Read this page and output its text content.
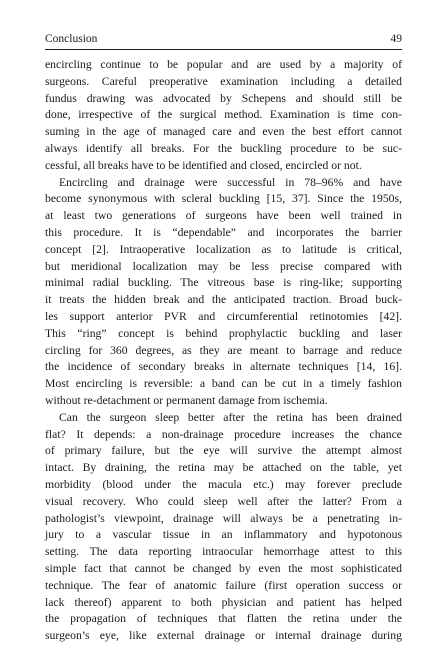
Conclusion	49
encircling continue to be popular and are used by a majority of
surgeons. Careful preoperative examination including a detailed
fundus drawing was advocated by Schepens and should still be
done, irrespective of the surgical method. Examination is time con-
suming in the age of managed care and even the best effort cannot
always identify all breaks. For the buckling procedure to be suc-
cessful, all breaks have to be identified and closed, encircled or not.
Encircling and drainage were successful in 78–96% and have
become synonymous with scleral buckling [15, 37]. Since the 1950s,
at least two generations of surgeons have been well trained in
this procedure. It is “dependable” and incorporates the barrier
concept [2]. Intraoperative localization as to latitude is critical,
but meridional localization may be less precise compared with
minimal radial buckling. The vitreous base is ring-like; supporting
it treats the hidden break and the anticipated traction. Broad buck-
les support anterior PVR and circumferential retinotomies [42].
This “ring” concept is behind prophylactic buckling and laser
circling for 360 degrees, as they are meant to barrage and reduce
the incidence of secondary breaks in alternate techniques [14, 16].
Most encircling is reversible: a band can be cut in a timely fashion
without re-detachment or permanent damage from ischemia.
Can the surgeon sleep better after the retina has been drained
flat? It depends: a non-drainage procedure increases the chance
of primary failure, but the eye will survive the attempt almost
intact. By draining, the retina may be attached on the table, yet
morbidity (blood under the macula etc.) may forever preclude
visual recovery. Who could sleep well after the latter? From a
pathologist’s viewpoint, drainage will always be a penetrating in-
jury to a vascular tissue in an inflammatory and hypotonous
setting. The data reporting intraocular hemorrhage attest to this
simple fact that cannot be changed by even the most sophisticated
technique. The fear of anatomic failure (first operation success or
lack thereof) apparent to both physician and patient has helped
the propagation of techniques that flatten the retina under the
surgeon’s eye, like external drainage or internal drainage during
